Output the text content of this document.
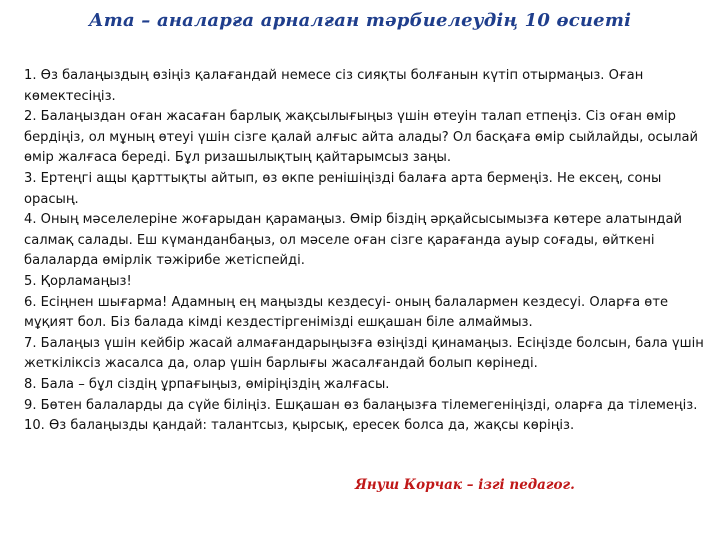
Ата – аналарға арналған тәрбиелеудің 10 өсиеті

1. Өз балаңыздың өзіңіз қалағандай немесе сіз сияқты болғанын күтіп отырмаңыз. Оған көмектесіңіз.

2. Балаңыздан оған жасаған барлық жақсылығыңыз үшін өтеуін талап етпеңіз. Сіз оған өмір бердіңіз, ол мұның өтеуі үшін сізге қалай алғыс айта алады? Ол басқаға өмір сыйлайды, осылай өмір жалғаса береді. Бұл ризашылықтың қайтарымсыз заңы.

3. Ертеңгі ащы қарттықты айтып, өз өкпе ренішіңізді балаға арта бермеңіз. Не ексең, соны орасың.

4. Оның мәселелеріне жоғарыдан қарамаңыз. Өмір біздің әрқайсысымызға көтере алатындай салмақ салады. Еш күманданбаңыз, ол мәселе оған сізге қарағанда ауыр соғады, өйткені балаларда өмірлік тәжірибе жетіспейді.

5. Қорламаңыз!

6. Есіңнен шығарма! Адамның ең маңызды кездесуі- оның балалармен кездесуі. Оларға өте мұқият бол. Біз балада кімді кездестіргенімізді ешқашан біле алмаймыз.

7. Балаңыз үшін кейбір жасай алмағандарыңызға өзіңізді қинамаңыз. Есіңізде болсын, бала үшін жеткіліксіз жасалса да, олар үшін барлығы жасалғандай болып көрінеді.

8. Бала – бұл сіздің ұрпағыңыз, өміріңіздің жалғасы.

9. Бөтен балаларды да сүйе біліңіз. Ешқашан өз балаңызға тілемегеніңізді, оларға да тілемеңіз.

10. Өз балаңызды қандай: талантсыз, қырсық, ересек болса да, жақсы көріңіз.

Януш Корчак – ізгі педагог.
